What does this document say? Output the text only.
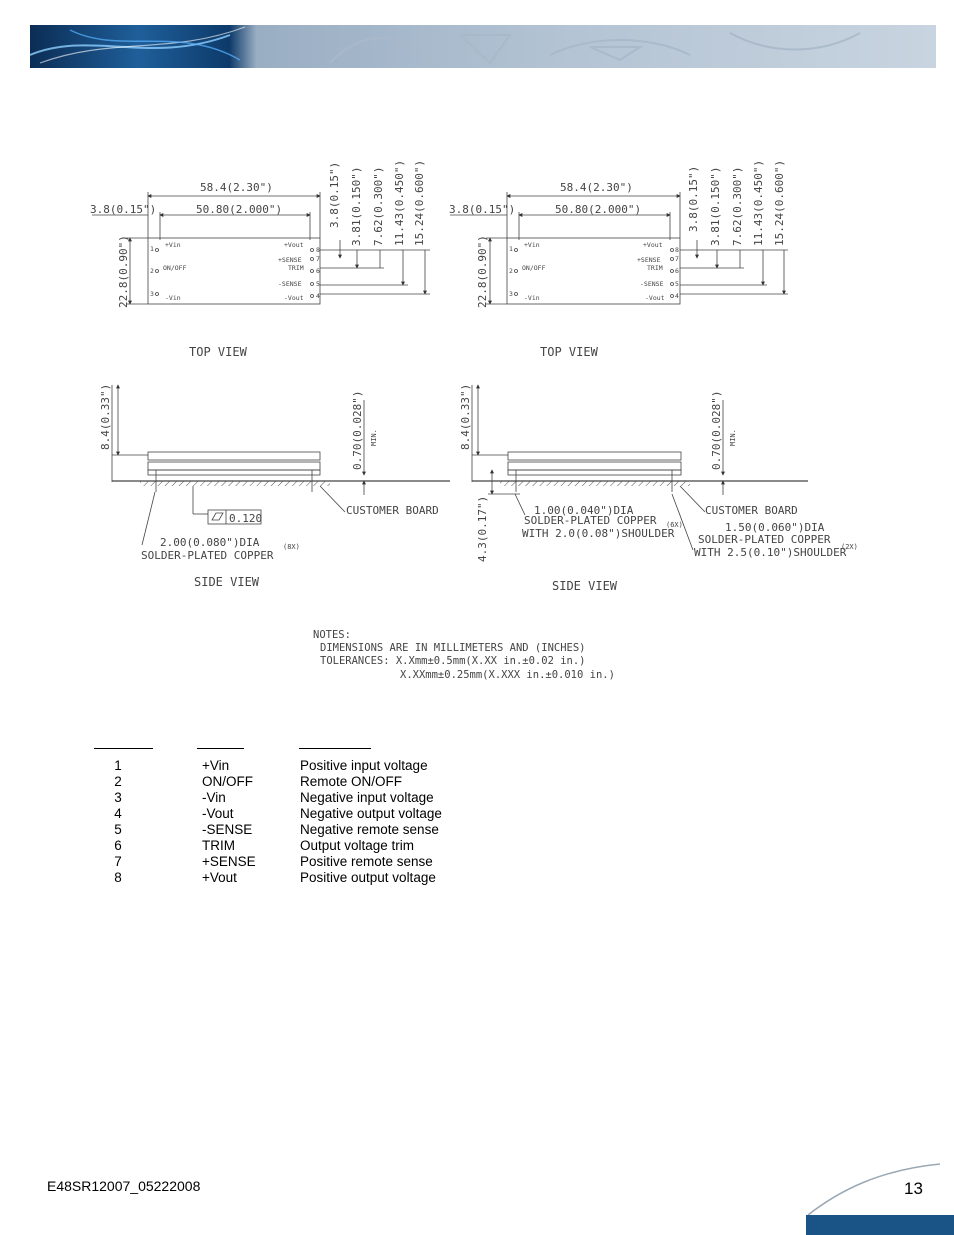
58.4(2.30")
50.80(2.000")
3.8(0.15")
22.8(0.90")
3.8(0.15") 3.81(0.150") 7.62(0.300") 11.43(0.450") 15.24(0.600")
TOP VIEW
1 +Vin
2 ON/OFF
3 -Vin
8
+Vout
7
+SENSE
6
TRIM
5
-SENSE
4
-Vout
58.4(2.30")
50.80(2.000")
3.8(0.15")
22.8(0.90")
3.8(0.15") 3.81(0.150") 7.62(0.300") 11.43(0.450") 15.24(0.600")
TOP VIEW
1 +Vin
2 ON/OFF
3 -Vin
8
+Vout
7
+SENSE
6
TRIM
5
-SENSE
4
-Vout
8.4(0.33")	0.70(0.028") MIN.
0.120
CUSTOMER BOARD
2.00(0.080")DIA
SOLDER-PLATED COPPER
(8X)
SIDE VIEW
8.4(0.33")	0.70(0.028") MIN.
4.3(0.17")	CUSTOMER BOARD
1.00(0.040")DIA
SOLDER-PLATED COPPER
WITH 2.0(0.08")SHOULDER
(6X)	1.50(0.060")DIA
SOLDER-PLATED COPPER
WITH 2.5(0.10")SHOULDER
(2X)
SIDE VIEW
NOTES:
DIMENSIONS ARE IN MILLIMETERS AND (INCHES)
TOLERANCES: X.Xmm±0.5mm(X.XX in.±0.02 in.)
X.XXmm±0.25mm(X.XXX in.±0.010 in.)
1	+Vin	Positive input voltage
2	ON/OFF	Remote ON/OFF
3	-Vin	Negative input voltage
4	-Vout	Negative output voltage
5	-SENSE	Negative remote sense
6	TRIM	Output voltage trim
7	+SENSE	Positive remote sense
8	+Vout	Positive output voltage
E48SR12007_05222008	13
